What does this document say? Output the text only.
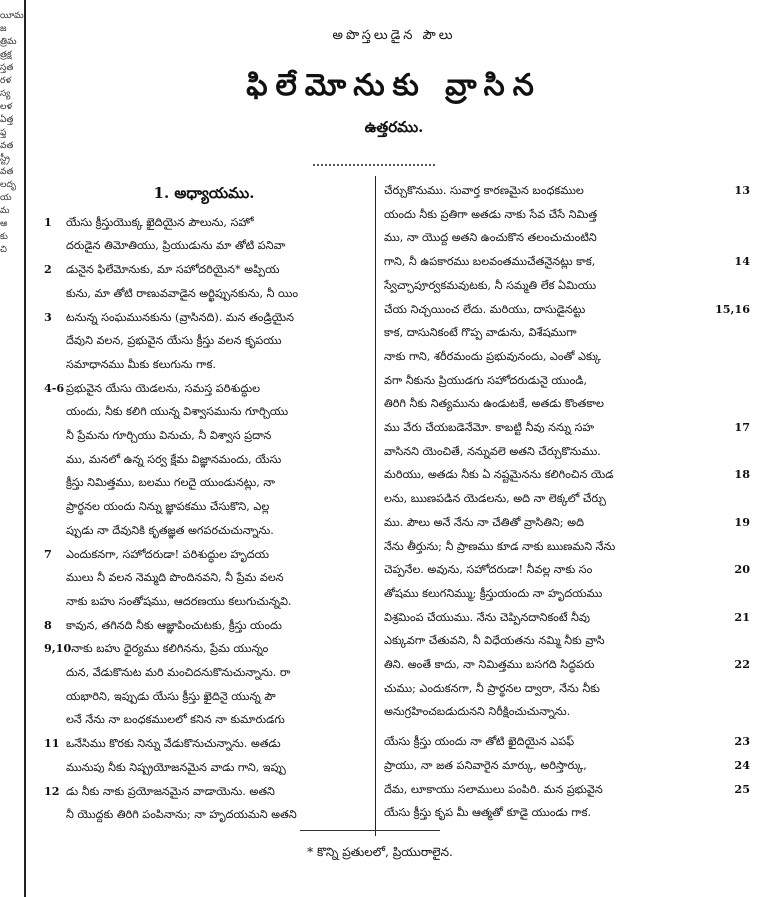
యీమ
జ
త్రిమ
త్రక్ష
స్తత
రళ
స్య
లళ
ఏత్త
ఫ్త
వత
స్ట్రీ
వత
లదృ
య
మ
ఆ
కు
చి
అపొస్తలుడైన పౌలు
ఫిలేమోనుకు వ్రాసిన
ఉత్తరము.
1. అధ్యాయము.
1 యేసు క్రీస్తుయొక్క ఖైదియైన పౌలును, సహో
దరుడైన తిమోతియు, ప్రియుడును మా తోటి పనివా
2 డునైన ఫిలేమోనుకు, మా సహోదరియైన* అప్పియ
కును, మా తోటి రాణువవాడైన అర్ఖిప్పునకును, నీ యిం
3 టనున్న సంఘమునకును (వ్రాసినది). మన తండ్రియైన
దేవుని వలన, ప్రభువైన యేసు క్రీస్తు వలన కృపయు
సమాధానము మీకు కలుగును గాక.
4-6 ప్రభువైన యేసు యెడలను, సమస్త పరిశుద్ధుల
యందు, నీకు కలిగి యున్న విశ్వాసమును గూర్చియు
నీ ప్రేమను గూర్చియు వినుచు, నీ విశ్వాస ప్రదాన
ము, మనలో ఉన్న సర్వ క్షేమ విజ్ఞానమందు, యేసు
క్రీస్తు నిమిత్తము, బలము గలదై యుండునట్లు, నా
ప్రార్థనల యందు నిన్ను జ్ఞాపకము చేసుకొని, ఎల్ల
ప్పుడు నా దేవునికి కృతజ్ఞత అగపరచుచున్నాను.
7 ఎందుకనగా, సహోదరుడా! పరిశుద్ధుల హృదయ
ములు నీ వలన నెమ్మది పొందినవని, నీ ప్రేమ వలన
నాకు బహు సంతోషము, ఆదరణయు కలుగుచున్నవి.
8 కావున, తగినది నీకు ఆజ్ఞాపించుటకు, క్రీస్తు యందు
9,10నాకు బహు ధైర్యము కలిగినను, ప్రేమ యున్నం
దున, వేడుకొనుట మరి మంచిదనుకొనుచున్నాను. రా
యభారిని, ఇప్పుడు యేసు క్రీస్తు ఖైదినై యున్న పౌ
లనే నేను నా బంధకములలో కనిన నా కుమారుడగు
11 ఒనేసిము కొరకు నిన్ను వేడుకొనుచున్నాను. అతడు
మునుపు నీకు నిష్ప్రయోజనమైన వాడు గాని, ఇప్పు
12 డు నీకు నాకు ప్రయోజనమైన వాడాయెను. అతని
నీ యొద్దకు తిరిగి పంపినాను; నా హృదయమని అతని
చేర్చుకొనుము. సువార్త కారణమైన బంధకముల	13
యందు నీకు ప్రతిగా అతడు నాకు సేవ చేసే నిమిత్త
ము, నా యొద్ద అతని ఉంచుకొన తలంచుచుంటిని
గాని, నీ ఉపకారము బలవంతముచేతనైనట్లు కాక,	14
స్వేచ్ఛాపూర్వకమవుటకు, నీ సమ్మతి లేక ఏమియు
చేయ నిచ్చయించ లేదు. మరియు, దాసుడైనట్టు	15,16
కాక, దాసునికంటే గొప్ప వాడును, విశేషముగా
నాకు గాని, శరీరమందు ప్రభువునందు, ఎంతో ఎక్కు
వగా నీకును ప్రియుడగు సహోదరుడునై యుండి,
తిరిగి నీకు నిత్యమును ఉండుటకే, అతడు కొంతకాల
ము వేరు చేయబడెనేమో. కాబట్టి నీవు నన్ను సహ	17
వాసినని యెంచితే, నన్నువలె అతని చేర్చుకొనుము.
మరియు, అతడు నీకు ఏ నష్టమైనను కలిగించిన యెడ	18
లను, ఋణపడిన యెడలను, అది నా లెక్కలో చేర్చు
ము. పౌలు అనే నేను నా చేతితో వ్రాసితిని; అది	19
నేను తీర్తును; నీ ప్రాణము కూడ నాకు ఋణమని నేను
చెప్పనేల. అవును, సహోదరుడా! నీవల్ల నాకు సం	20
తోషము కలుగనిమ్ము; క్రీస్తుయందు నా హృదయము
విశ్రమింప చేయుము. నేను చెప్పినదానికంటే నీవు	21
ఎక్కువగా చేతువని, నీ విధేయతను నమ్మి నీకు వ్రాసి
తిని. అంతే కాదు, నా నిమిత్తము బసగది సిద్ధపరు	22
చుము; ఎందుకనగా, నీ ప్రార్థనల ద్వారా, నేను నీకు
అనుగ్రహించబడుదునని నిరీక్షించుచున్నాను.
యేసు క్రీస్తు యందు నా తోటి ఖైదియైన ఎపఫ్	23
ప్రాయు, నా జత పనివారైన మార్కు, అరిస్తార్కు,	24
దేమ, లూకాయు సలాములు పంపిరి. మన ప్రభువైన	25
యేసు క్రీస్తు కృప మీ ఆత్మతో కూడై యుండు గాక.
* కొన్ని ప్రతులలో, ప్రియురాలైన.
